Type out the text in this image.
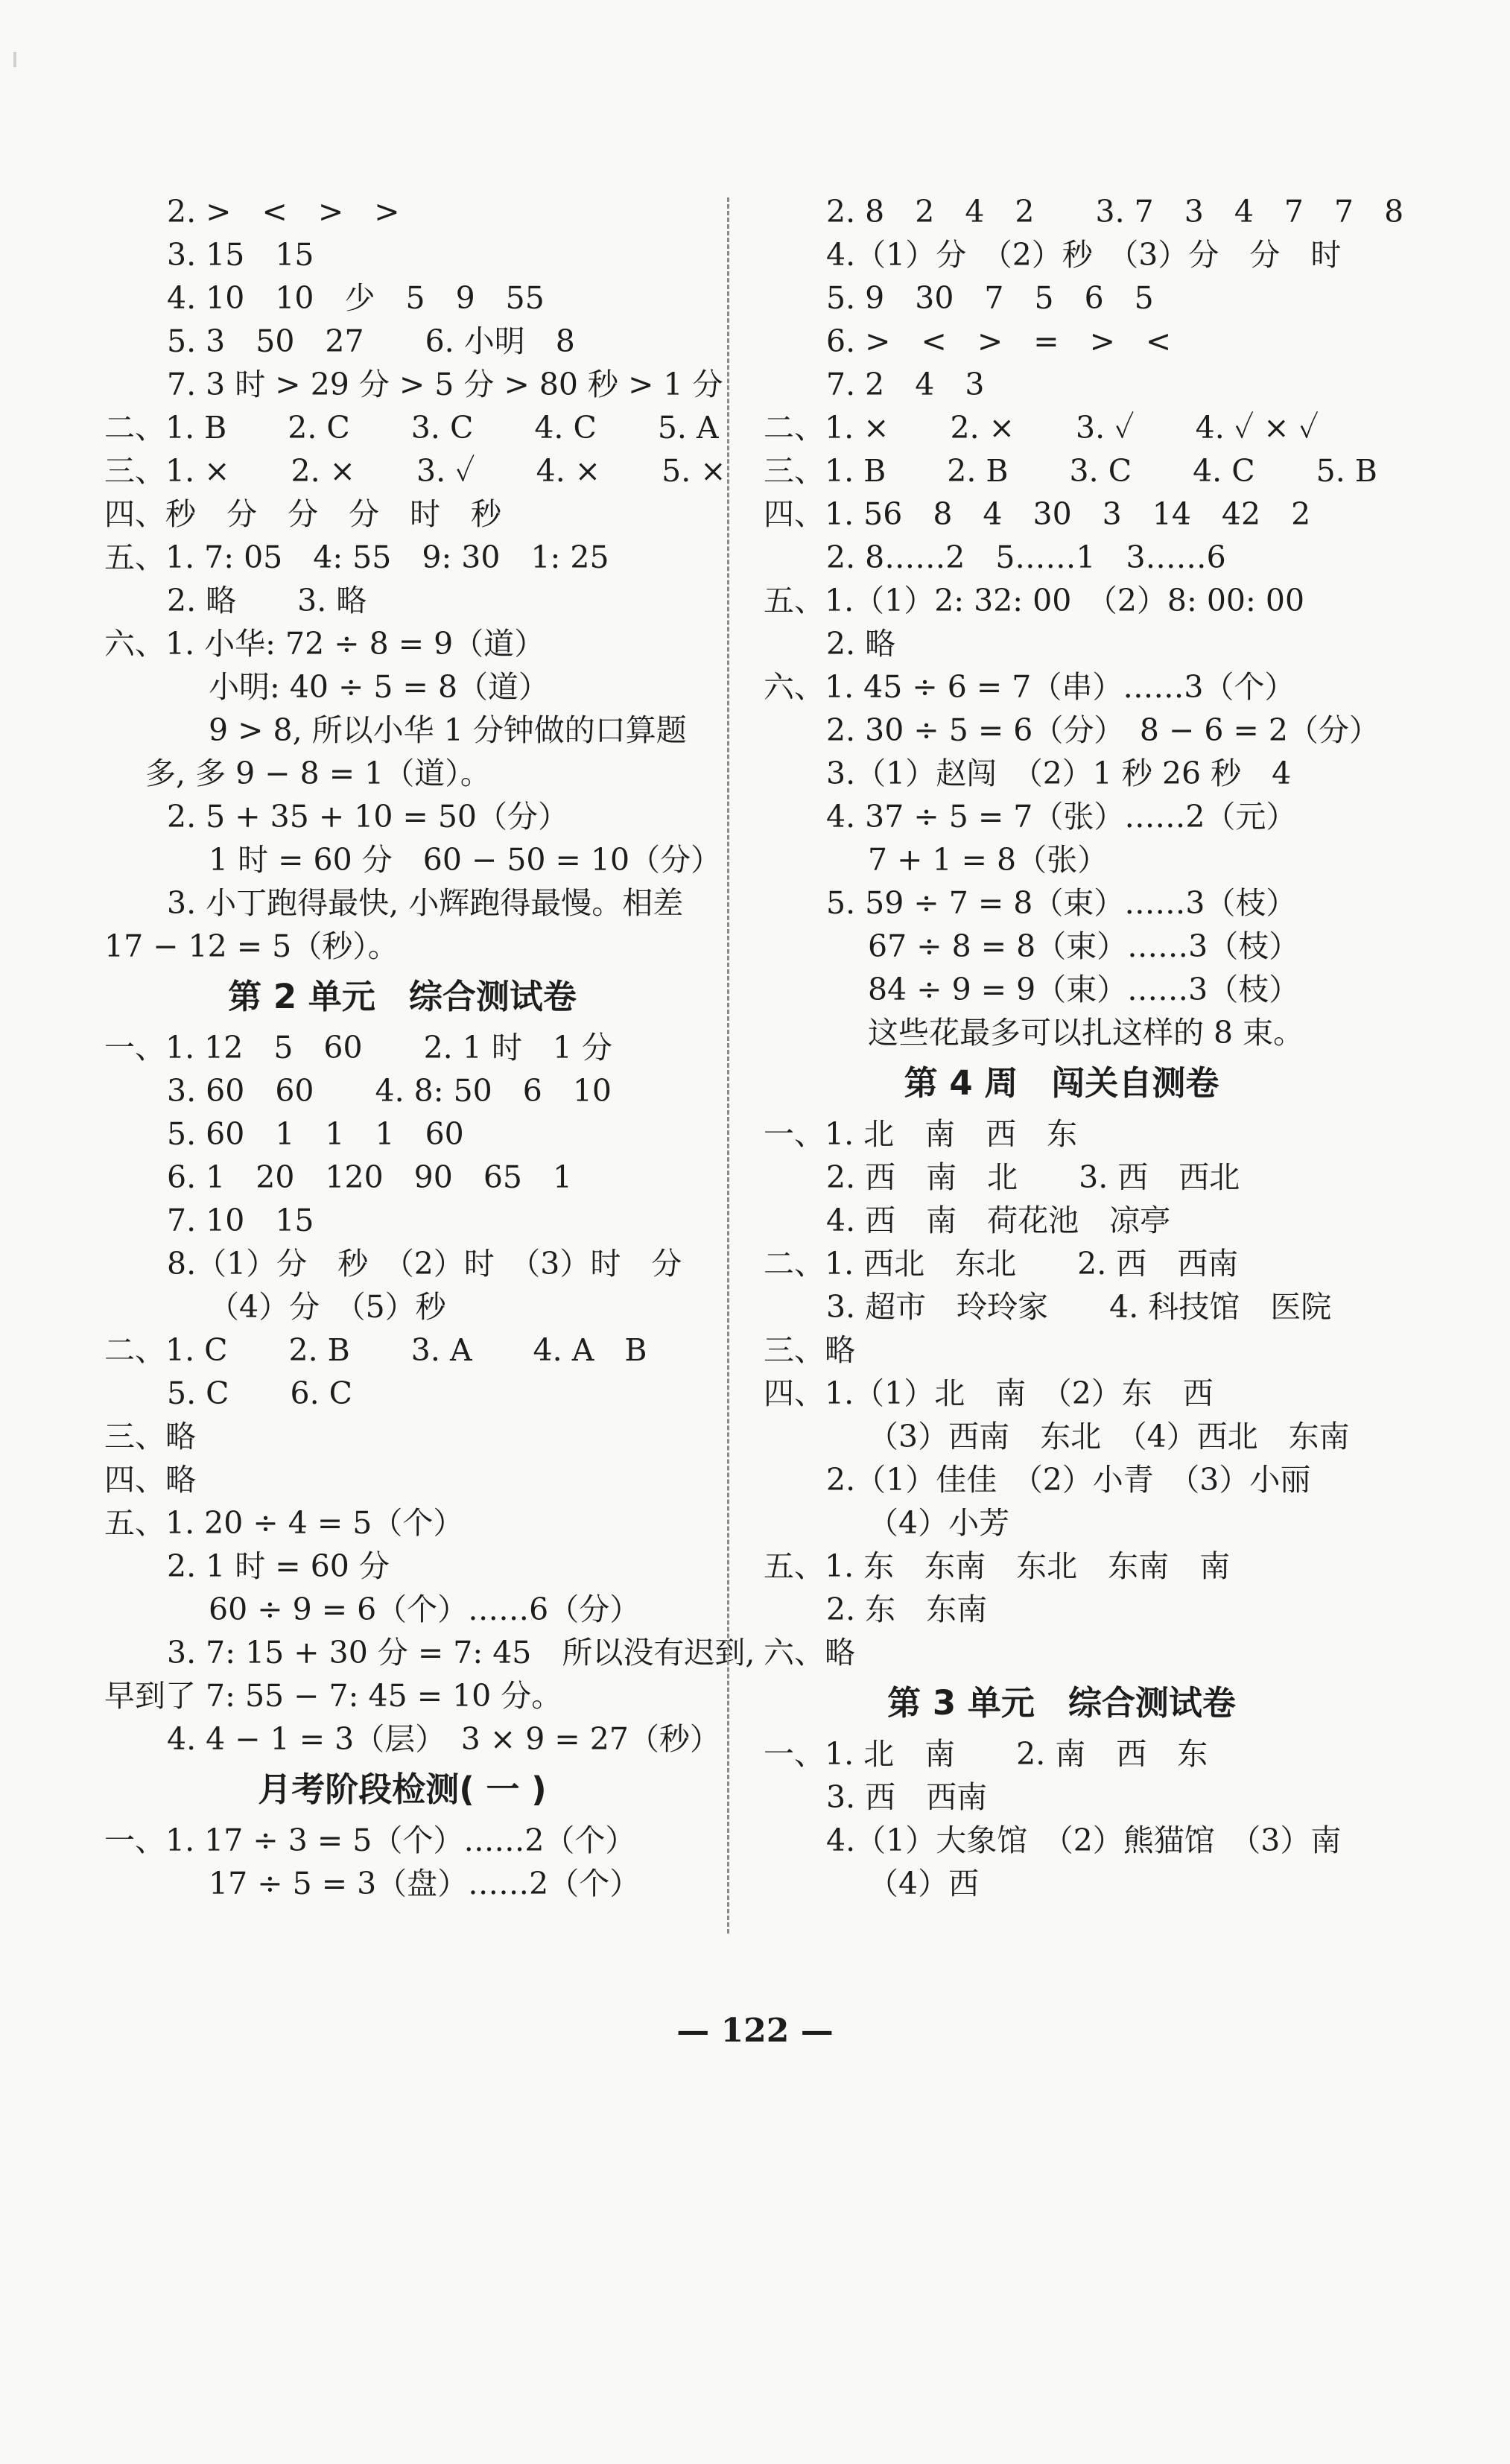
2. >　<　>　>
3. 15　15
4. 10　10　少　5　9　55
5. 3　50　27　　6. 小明　8
7. 3 时 > 29 分 > 5 分 > 80 秒 > 1 分
二、1. B　　2. C　　3. C　　4. C　　5. A
三、1. ×　　2. ×　　3. ✓　　4. ×　　5. ×
四、秒　分　分　分　时　秒
五、1. 7: 05　4: 55　9: 30　1: 25
2. 略　　3. 略
六、1. 小华: 72 ÷ 8 = 9（道）
小明: 40 ÷ 5 = 8（道）
9 > 8, 所以小华 1 分钟做的口算题
多, 多 9 − 8 = 1（道）。
2. 5 + 35 + 10 = 50（分）
1 时 = 60 分　60 − 50 = 10（分）
3. 小丁跑得最快, 小辉跑得最慢。相差
17 − 12 = 5（秒）。
第 2 单元　综合测试卷
一、1. 12　5　60　　2. 1 时　1 分
3. 60　60　　4. 8: 50　6　10
5. 60　1　1　1　60
6. 1　20　120　90　65　1
7. 10　15
8.（1）分　秒　（2）时　（3）时　分
（4）分　（5）秒
二、1. C　　2. B　　3. A　　4. A　B
5. C　　6. C
三、略
四、略
五、1. 20 ÷ 4 = 5（个）
2. 1 时 = 60 分
60 ÷ 9 = 6（个）……6（分）
3. 7: 15 + 30 分 = 7: 45　所以没有迟到,
早到了 7: 55 − 7: 45 = 10 分。
4. 4 − 1 = 3（层）　3 × 9 = 27（秒）
月考阶段检测( 一 )
一、1. 17 ÷ 3 = 5（个）……2（个）
17 ÷ 5 = 3（盘）……2（个）
2. 8　2　4　2　　3. 7　3　4　7　7　8
4.（1）分　（2）秒　（3）分　分　时
5. 9　30　7　5　6　5
6. >　<　>　=　>　<
7. 2　4　3
二、1. ×　　2. ×　　3. ✓　　4. ✓ × ✓
三、1. B　　2. B　　3. C　　4. C　　5. B
四、1. 56　8　4　30　3　14　42　2
2. 8……2　5……1　3……6
五、1.（1）2: 32: 00　（2）8: 00: 00
2. 略
六、1. 45 ÷ 6 = 7（串）……3（个）
2. 30 ÷ 5 = 6（分）　8 − 6 = 2（分）
3.（1）赵闯　（2）1 秒 26 秒　4
4. 37 ÷ 5 = 7（张）……2（元）
7 + 1 = 8（张）
5. 59 ÷ 7 = 8（束）……3（枝）
67 ÷ 8 = 8（束）……3（枝）
84 ÷ 9 = 9（束）……3（枝）
这些花最多可以扎这样的 8 束。
第 4 周　闯关自测卷
一、1. 北　南　西　东
2. 西　南　北　　3. 西　西北
4. 西　南　荷花池　凉亭
二、1. 西北　东北　　2. 西　西南
3. 超市　玲玲家　　4. 科技馆　医院
三、略
四、1.（1）北　南　（2）东　西
（3）西南　东北　（4）西北　东南
2.（1）佳佳　（2）小青　（3）小丽
（4）小芳
五、1. 东　东南　东北　东南　南
2. 东　东南
六、略
第 3 单元　综合测试卷
一、1. 北　南　　2. 南　西　东
3. 西　西南
4.（1）大象馆　（2）熊猫馆　（3）南
（4）西
— 122 —
